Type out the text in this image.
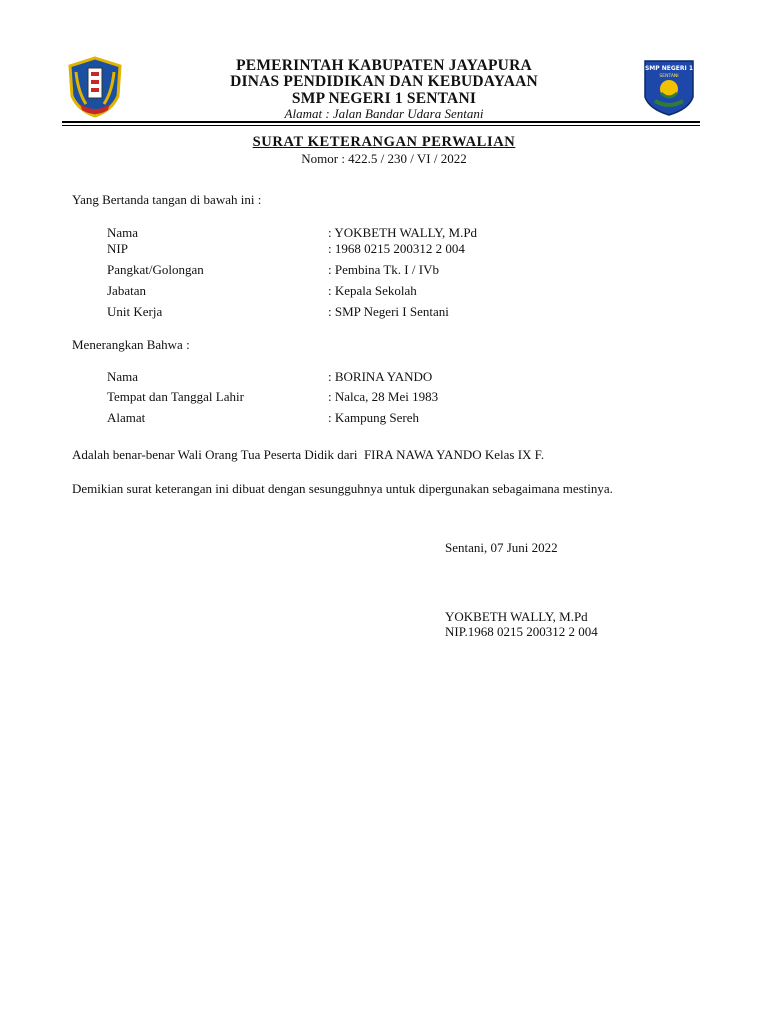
SMP NEGERI 1
SENTANI
PEMERINTAH KABUPATEN JAYAPURA
DINAS PENDIDIKAN DAN KEBUDAYAAN
SMP NEGERI 1 SENTANI
Alamat : Jalan Bandar Udara Sentani
SURAT KETERANGAN PERWALIAN
Nomor : 422.5 / 230 / VI / 2022
Yang Bertanda tangan di bawah ini :
Nama	: YOKBETH WALLY, M.Pd
NIP	: 1968 0215 200312 2 004
Pangkat/Golongan	: Pembina Tk. I / IVb
Jabatan	: Kepala Sekolah
Unit Kerja	: SMP Negeri I Sentani
Menerangkan Bahwa :
Nama	: BORINA YANDO
Tempat dan Tanggal Lahir	: Nalca, 28 Mei 1983
Alamat	: Kampung Sereh
Adalah benar-benar Wali Orang Tua Peserta Didik dari  FIRA NAWA YANDO Kelas IX F.
Demikian surat keterangan ini dibuat dengan sesungguhnya untuk dipergunakan sebagaimana mestinya.
Sentani, 07 Juni 2022
YOKBETH WALLY, M.Pd
NIP.1968 0215 200312 2 004
